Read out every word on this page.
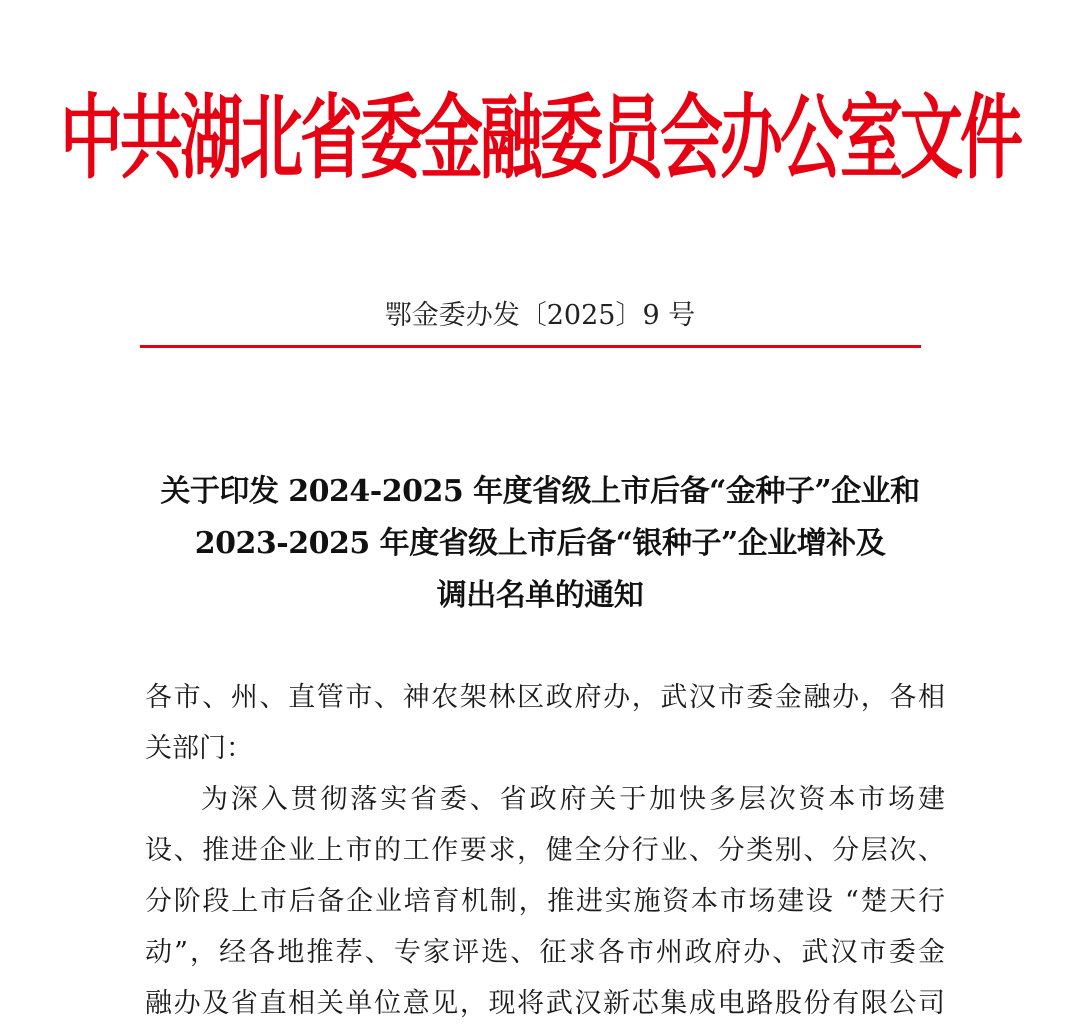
中共湖北省委金融委员会办公室文件
鄂金委办发〔2025〕9 号
关于印发 2024-2025 年度省级上市后备“金种子”企业和
2023-2025 年度省级上市后备“银种子”企业增补及
调出名单的通知
各市、州、直管市、神农架林区政府办，武汉市委金融办，各相
关部门：
为深入贯彻落实省委、省政府关于加快多层次资本市场建
设、推进企业上市的工作要求，健全分行业、分类别、分层次、
分阶段上市后备企业培育机制，推进实施资本市场建设 “楚天行
动”，经各地推荐、专家评选、征求各市州政府办、武汉市委金
融办及省直相关单位意见，现将武汉新芯集成电路股份有限公司
